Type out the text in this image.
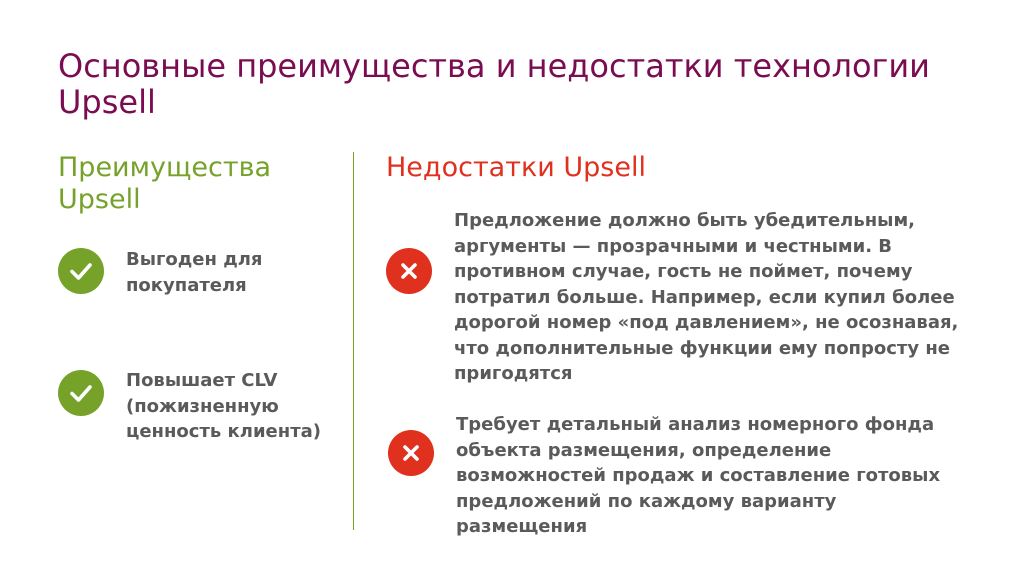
Основные преимущества и недостатки технологии Upsell
Преимущества Upsell
Недостатки Upsell
Выгоден для покупателя
Повышает CLV (пожизненную ценность клиента)
Предложение должно быть убедительным, аргументы — прозрачными и честными. В противном случае, гость не поймет, почему потратил больше. Например, если купил более дорогой номер «под давлением», не осознавая, что дополнительные функции ему попросту не пригодятся
Требует детальный анализ номерного фонда объекта размещения, определение возможностей продаж и составление готовых предложений по каждому варианту размещения
